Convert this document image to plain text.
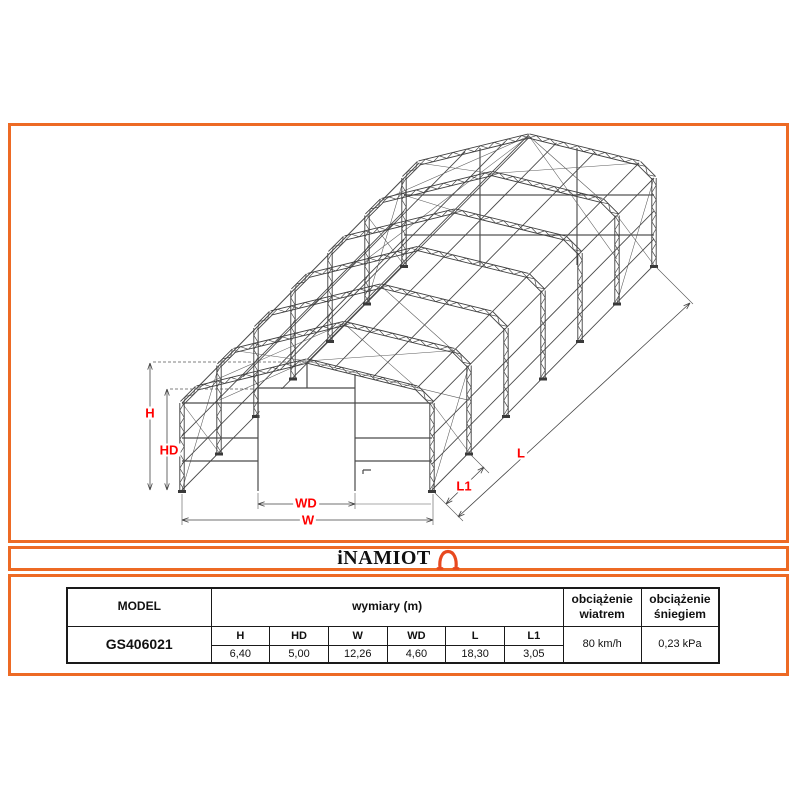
H
HD
WD
W
L1
L
iNAMIOT
MODEL	wymiary (m)						obciążenie wiatrem	obciążenie śniegiem
GS406021	H	HD	W	WD	L	L1	80 km/h	0,23 kPa
	6,40	5,00	12,26	4,60	18,30	3,05		
